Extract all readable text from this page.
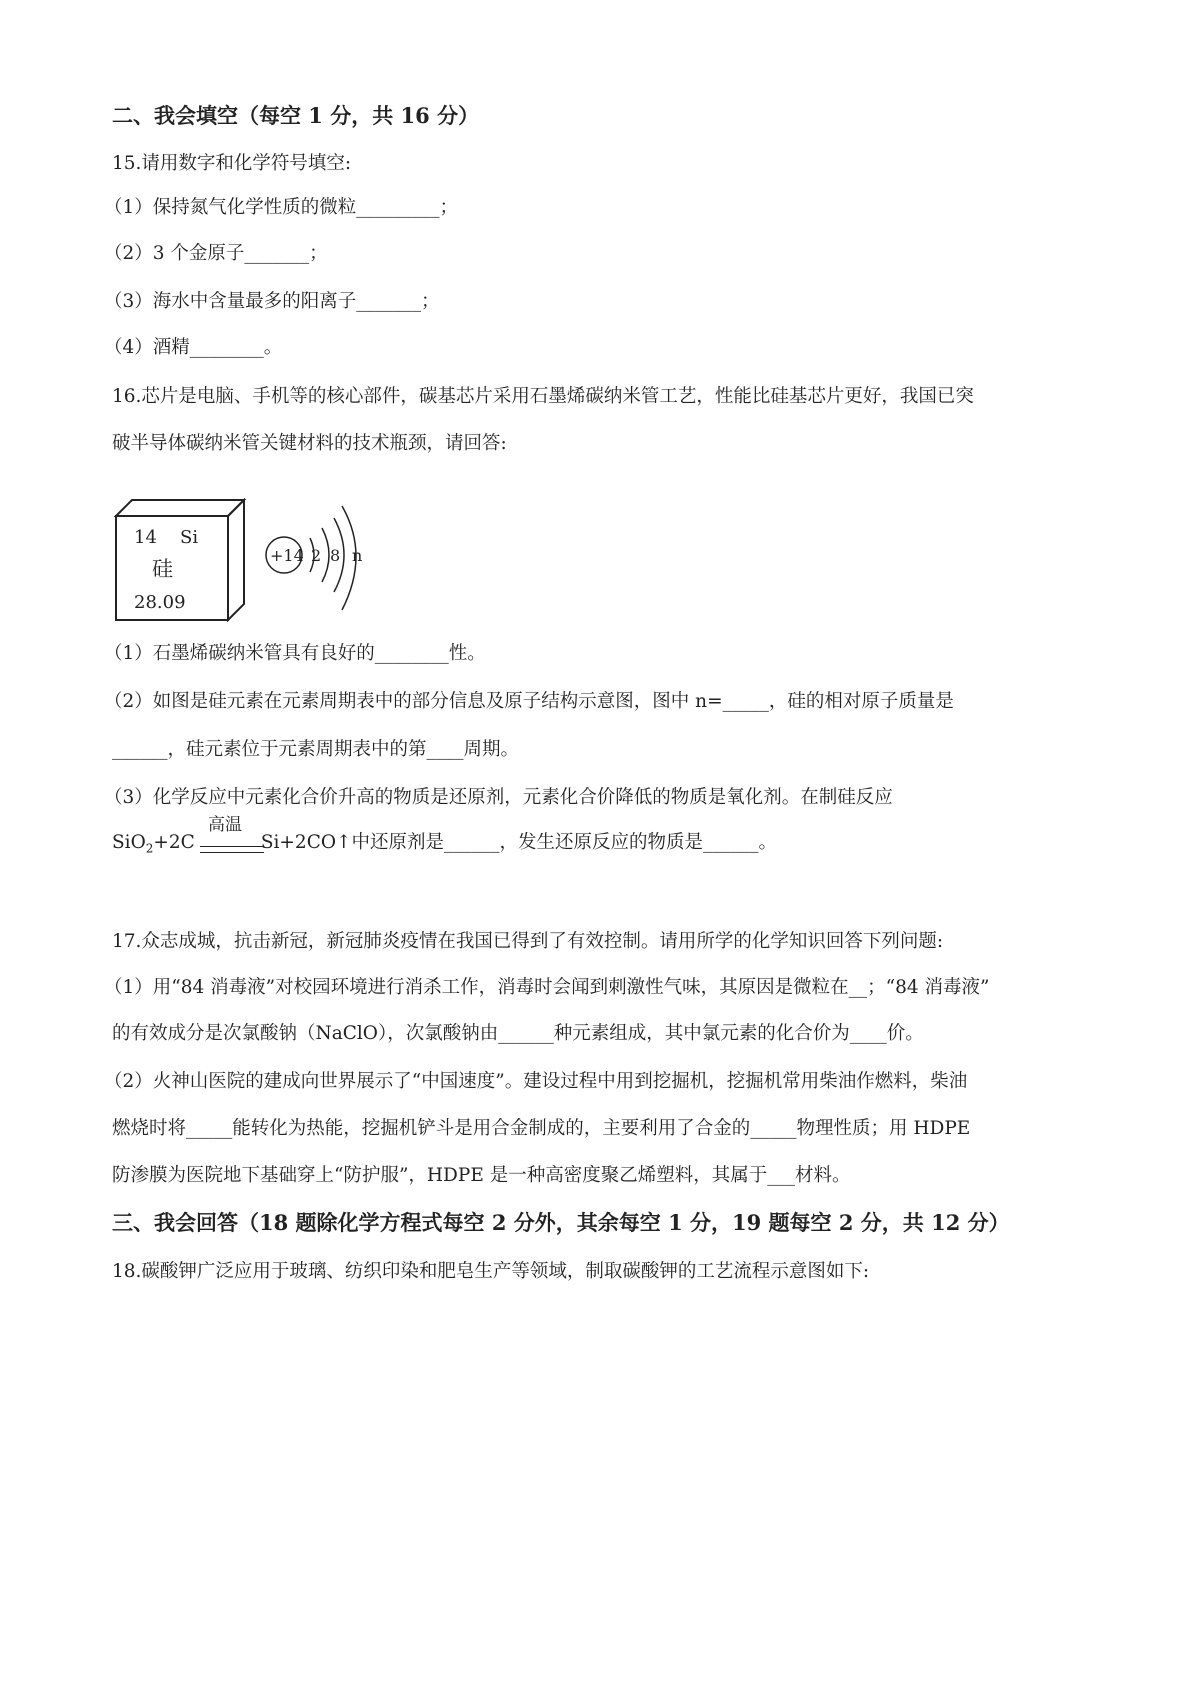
二、我会填空（每空 1 分，共 16 分）
15.请用数字和化学符号填空:
（1）保持氮气化学性质的微粒_________；
（2）3 个金原子_______；
（3）海水中含量最多的阳离子_______；
（4）酒精________。
16.芯片是电脑、手机等的核心部件，碳基芯片采用石墨烯碳纳米管工艺，性能比硅基芯片更好，我国已突
破半导体碳纳米管关键材料的技术瓶颈，请回答:
14 Si
硅
28.09
+14 2 8 n
（1）石墨烯碳纳米管具有良好的________性。
（2）如图是硅元素在元素周期表中的部分信息及原子结构示意图，图中 n=_____，硅的相对原子质量是
______，硅元素位于元素周期表中的第____周期。
（3）化学反应中元素化合价升高的物质是还原剂，元素化合价降低的物质是氧化剂。在制硅反应
高温
SiO$_2$+2C	Si+2CO↑中还原剂是______，发生还原反应的物质是______。
17.众志成城，抗击新冠，新冠肺炎疫情在我国已得到了有效控制。请用所学的化学知识回答下列问题:
（1）用“84 消毒液”对校园环境进行消杀工作，消毒时会闻到刺激性气味，其原因是微粒在__；“84 消毒液”
的有效成分是次氯酸钠（NaClO），次氯酸钠由______种元素组成，其中氯元素的化合价为____价。
（2）火神山医院的建成向世界展示了“中国速度”。建设过程中用到挖掘机，挖掘机常用柴油作燃料，柴油
燃烧时将_____能转化为热能，挖掘机铲斗是用合金制成的，主要利用了合金的_____物理性质；用 HDPE
防渗膜为医院地下基础穿上“防护服”，HDPE 是一种高密度聚乙烯塑料，其属于___材料。
三、我会回答（18 题除化学方程式每空 2 分外，其余每空 1 分，19 题每空 2 分，共 12 分）
18.碳酸钾广泛应用于玻璃、纺织印染和肥皂生产等领域，制取碳酸钾的工艺流程示意图如下:
